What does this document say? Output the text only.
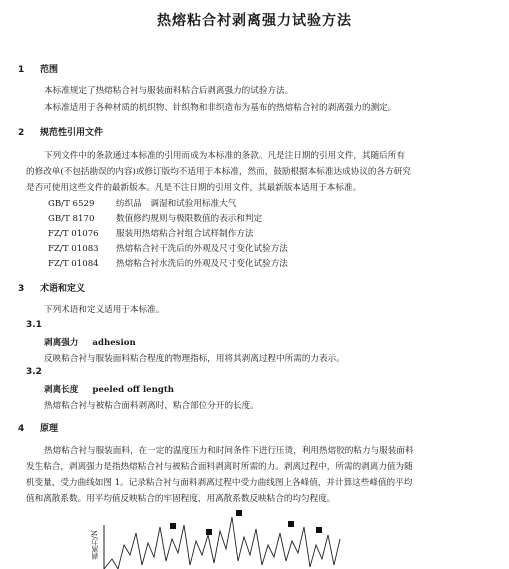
热熔粘合衬剥离强力试验方法
1 范围
本标准规定了热熔粘合衬与服装面料粘合后剥离强力的试验方法。
本标准适用于各种材质的机织物、针织物和非织造布为基布的热熔粘合衬的剥离强力的测定。
2 规范性引用文件
下列文件中的条款通过本标准的引用而成为本标准的条款。凡是注日期的引用文件，其随后所有
的修改单(不包括勘误的内容)或修订版均不适用于本标准，然而，鼓励根据本标准达成协议的各方研究
是否可使用这些文件的最新版本。凡是不注日期的引用文件，其最新版本适用于本标准。
GB/T 6529	纺织品　调湿和试验用标准大气
GB/T 8170	数值修约规则与极限数值的表示和判定
FZ/T 01076 服装用热熔粘合衬组合试样制作方法
FZ/T 01083 热熔粘合衬干洗后的外观及尺寸变化试验方法
FZ/T 01084 热熔粘合衬水洗后的外观及尺寸变化试验方法
3 术语和定义
下列术语和定义适用于本标准。
3.1
剥离强力 adhesion
反映粘合衬与服装面料粘合程度的物理指标，用将其剥离过程中所需的力表示。
3.2
剥离长度 peeled off length
热熔粘合衬与被粘合面料剥离时，粘合部位分开的长度。
4 原理
热熔粘合衬与服装面料，在一定的温度压力和时间条件下进行压烫，利用热熔胶的粘力与服装面料
发生粘合，剥离强力是指热熔粘合衬与被粘合面料剥离时所需的力。剥离过程中，所需的剥离力值为随
机变量，受力曲线如图 1。记录粘合衬与面料剥离过程中受力曲线图上各峰值，并计算这些峰值的平均
值和离散系数。用平均值反映粘合的牢固程度，用离散系数反映粘合的均匀程度。
剥离力/N
